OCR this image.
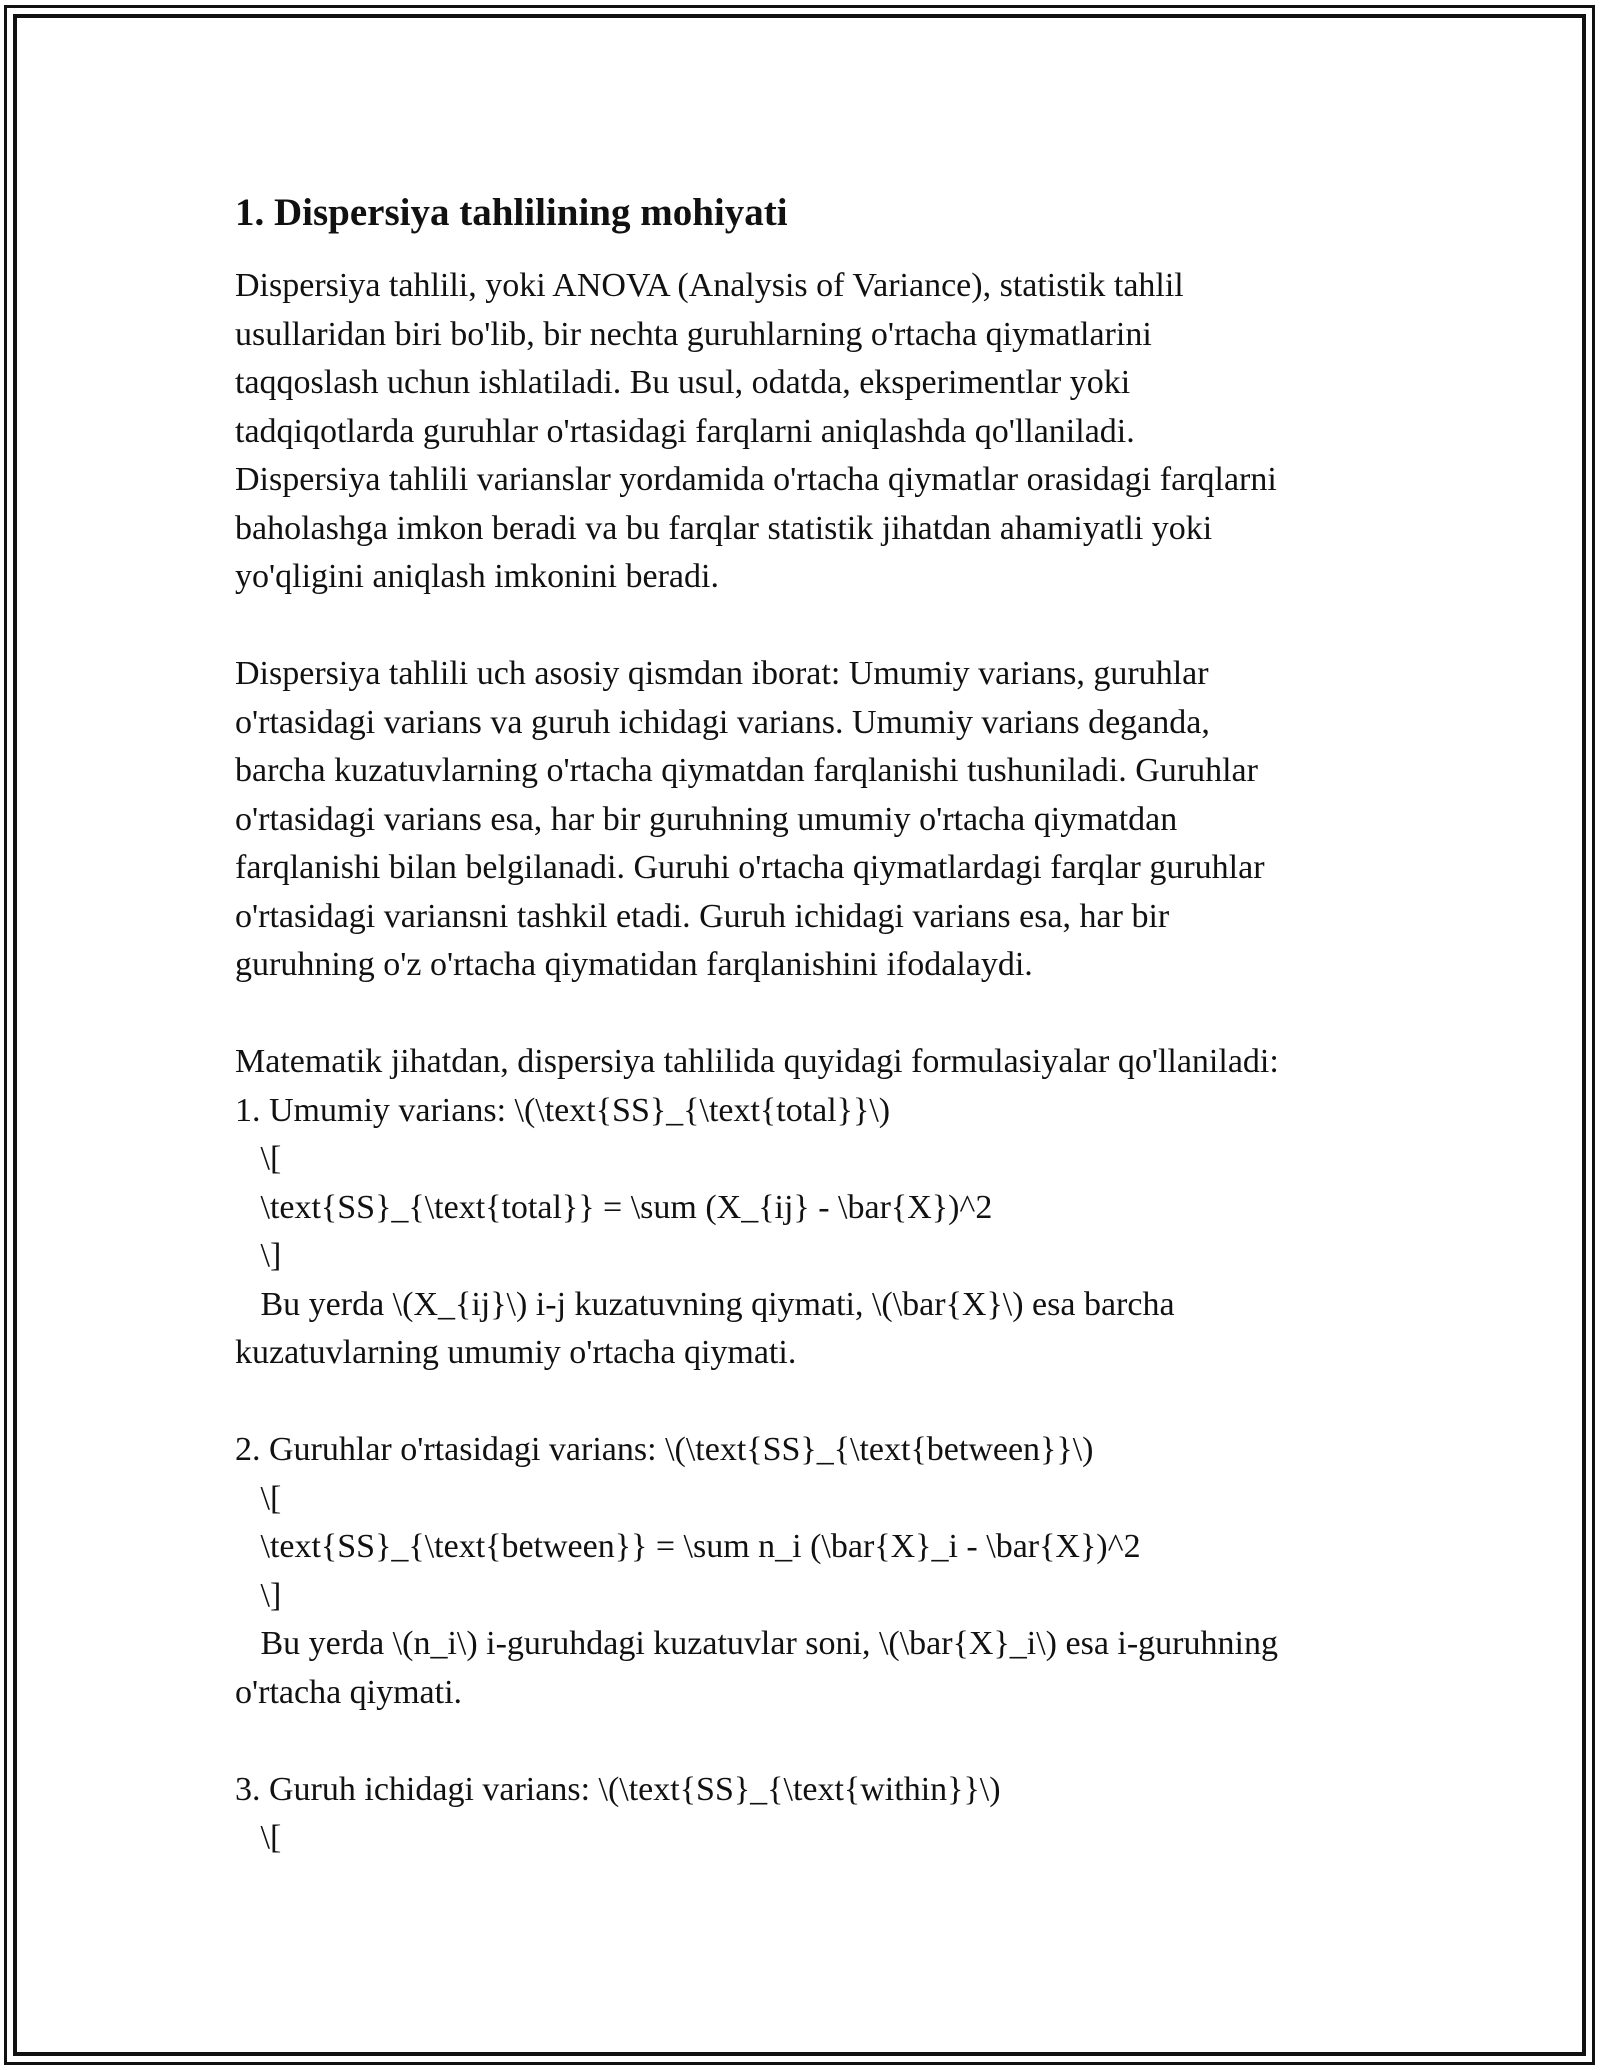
1. Dispersiya tahlilining mohiyati
Dispersiya tahlili, yoki ANOVA (Analysis of Variance), statistik tahlil
usullaridan biri bo'lib, bir nechta guruhlarning o'rtacha qiymatlarini
taqqoslash uchun ishlatiladi. Bu usul, odatda, eksperimentlar yoki
tadqiqotlarda guruhlar o'rtasidagi farqlarni aniqlashda qo'llaniladi.
Dispersiya tahlili varianslar yordamida o'rtacha qiymatlar orasidagi farqlarni
baholashga imkon beradi va bu farqlar statistik jihatdan ahamiyatli yoki
yo'qligini aniqlash imkonini beradi.
Dispersiya tahlili uch asosiy qismdan iborat: Umumiy varians, guruhlar
o'rtasidagi varians va guruh ichidagi varians. Umumiy varians deganda,
barcha kuzatuvlarning o'rtacha qiymatdan farqlanishi tushuniladi. Guruhlar
o'rtasidagi varians esa, har bir guruhning umumiy o'rtacha qiymatdan
farqlanishi bilan belgilanadi. Guruhi o'rtacha qiymatlardagi farqlar guruhlar
o'rtasidagi variansni tashkil etadi. Guruh ichidagi varians esa, har bir
guruhning o'z o'rtacha qiymatidan farqlanishini ifodalaydi.
Matematik jihatdan, dispersiya tahlilida quyidagi formulasiyalar qo'llaniladi:
1. Umumiy varians: \(\text{SS}_{\text{total}}\)
\[
\text{SS}_{\text{total}} = \sum (X_{ij} - \bar{X})^2
\]
Bu yerda \(X_{ij}\) i-j kuzatuvning qiymati, \(\bar{X}\) esa barcha
kuzatuvlarning umumiy o'rtacha qiymati.
2. Guruhlar o'rtasidagi varians: \(\text{SS}_{\text{between}}\)
\[
\text{SS}_{\text{between}} = \sum n_i (\bar{X}_i - \bar{X})^2
\]
Bu yerda \(n_i\) i-guruhdagi kuzatuvlar soni, \(\bar{X}_i\) esa i-guruhning
o'rtacha qiymati.
3. Guruh ichidagi varians: \(\text{SS}_{\text{within}}\)
\[
